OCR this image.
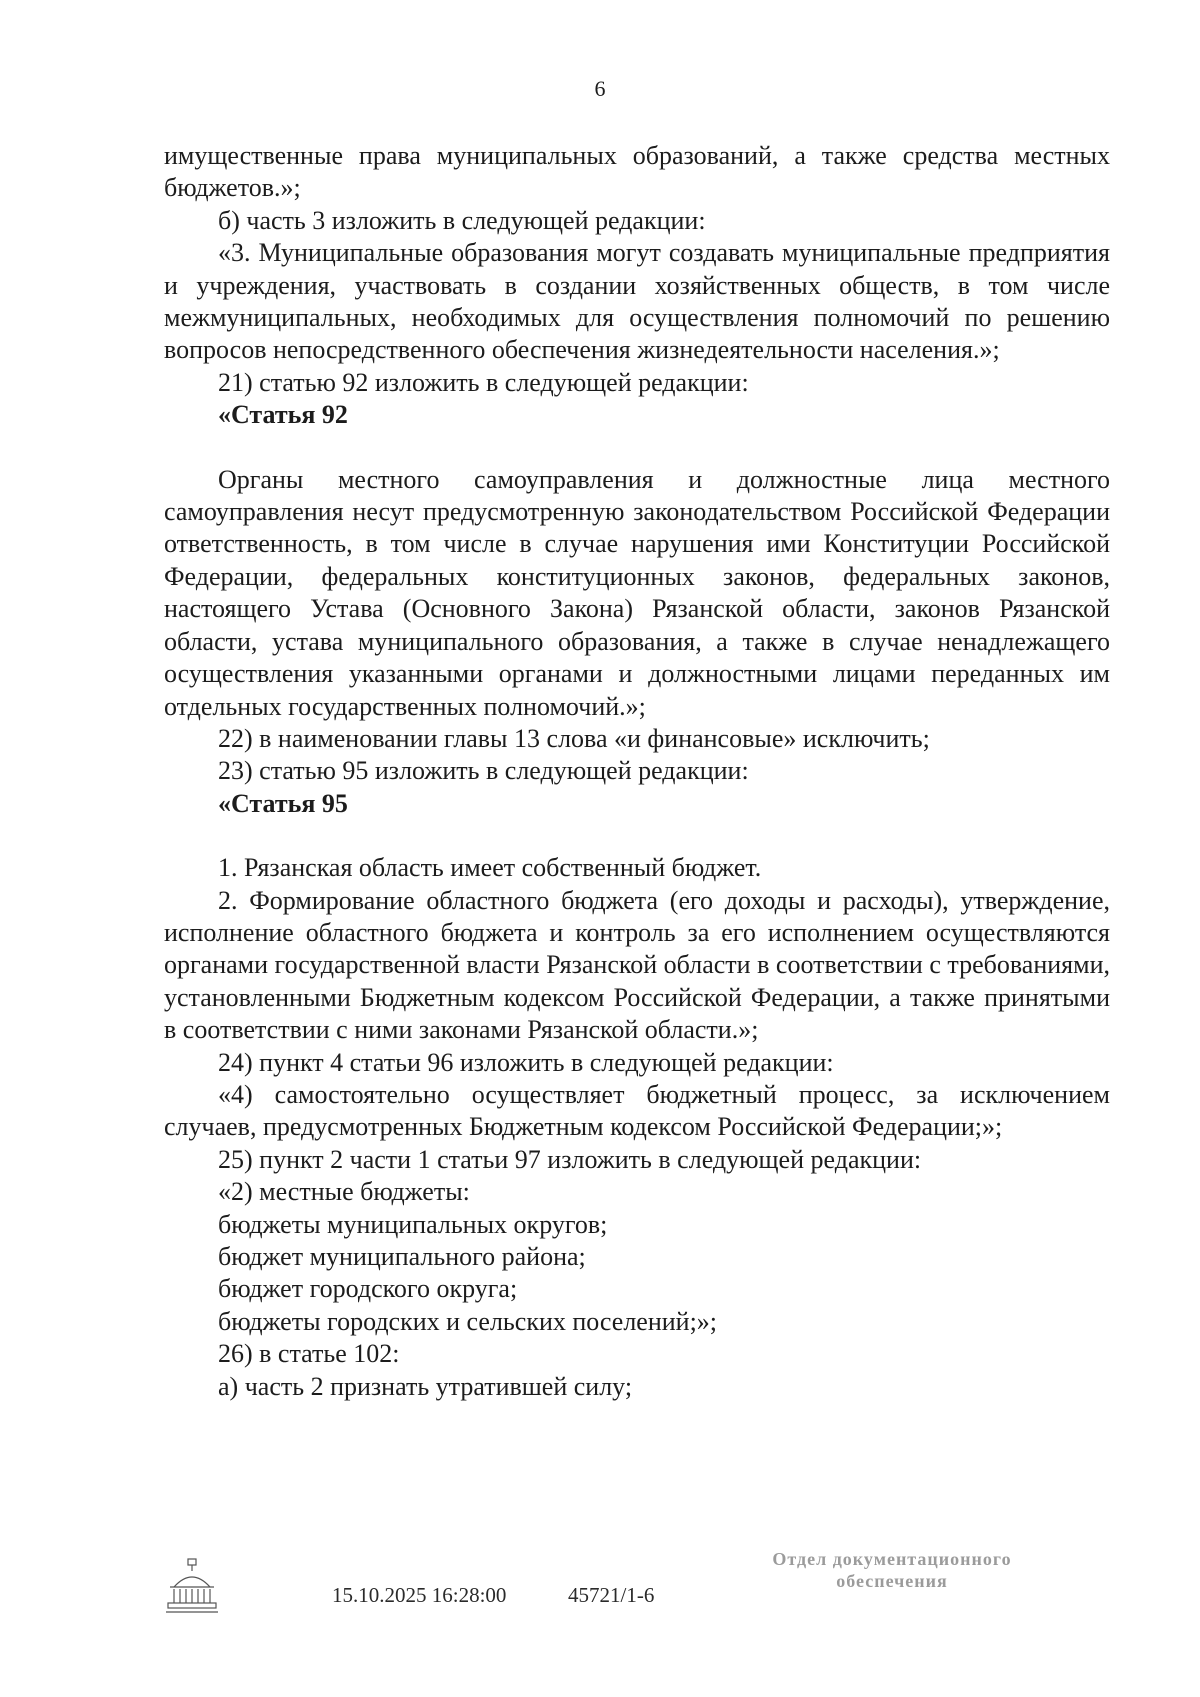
6

имущественные права муниципальных образований, а также средства местных бюджетов.»;

б) часть 3 изложить в следующей редакции:

«3. Муниципальные образования могут создавать муниципальные предприятия и учреждения, участвовать в создании хозяйственных обществ, в том числе межмуниципальных, необходимых для осуществления полномочий по решению вопросов непосредственного обеспечения жизнедеятельности населения.»;

21) статью 92 изложить в следующей редакции:

«Статья 92

Органы местного самоуправления и должностные лица местного самоуправления несут предусмотренную законодательством Российской Федерации ответственность, в том числе в случае нарушения ими Конституции Российской Федерации, федеральных конституционных законов, федеральных законов, настоящего Устава (Основного Закона) Рязанской области, законов Рязанской области, устава муниципального образования, а также в случае ненадлежащего осуществления указанными органами и должностными лицами переданных им отдельных государственных полномочий.»;

22) в наименовании главы 13 слова «и финансовые» исключить;

23) статью 95 изложить в следующей редакции:

«Статья 95

1. Рязанская область имеет собственный бюджет.

2. Формирование областного бюджета (его доходы и расходы), утверждение, исполнение областного бюджета и контроль за его исполнением осуществляются органами государственной власти Рязанской области в соответствии с требованиями, установленными Бюджетным кодексом Российской Федерации, а также принятыми в соответствии с ними законами Рязанской области.»;

24) пункт 4 статьи 96 изложить в следующей редакции:

«4) самостоятельно осуществляет бюджетный процесс, за исключением случаев, предусмотренных Бюджетным кодексом Российской Федерации;»;

25) пункт 2 части 1 статьи 97 изложить в следующей редакции:

«2) местные бюджеты:

бюджеты муниципальных округов;

бюджет муниципального района;

бюджет городского округа;

бюджеты городских и сельских поселений;»;

26) в статье 102:

а) часть 2 признать утратившей силу;

15.10.2025 16:28:00	45721/1-6
Отдел документационного
обеспечения
